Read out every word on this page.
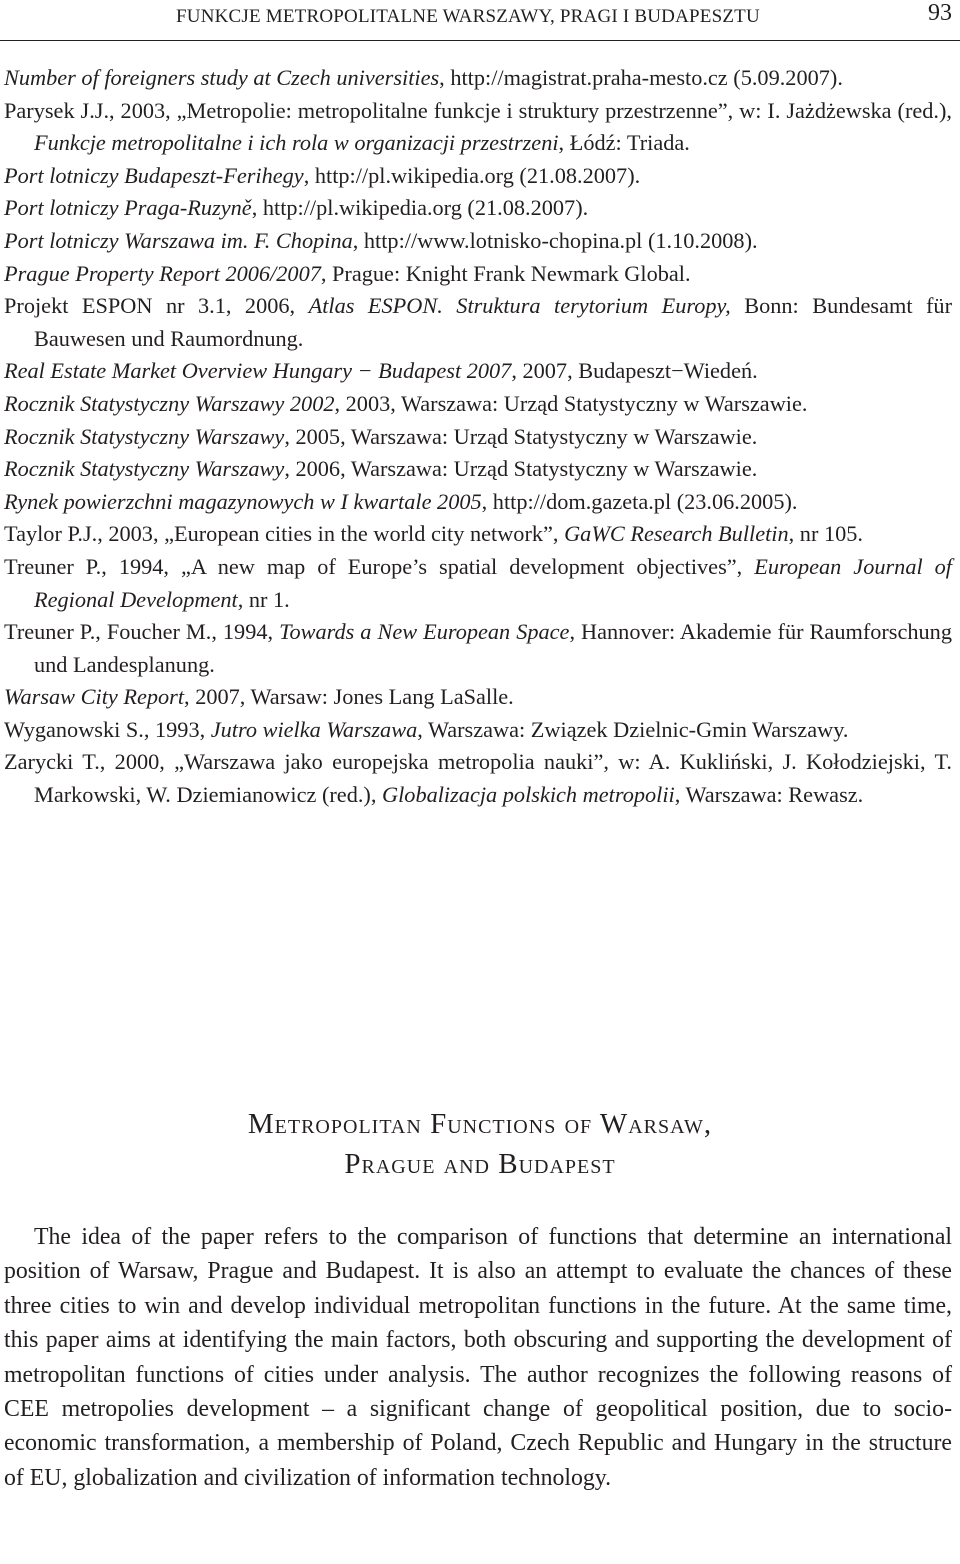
FUNKCJE METROPOLITALNE WARSZAWY, PRAGI I BUDAPESZTU	93

Number of foreigners study at Czech universities, http://magistrat.praha-mesto.cz (5.09.2007).

Parysek J.J., 2003, „Metropolie: metropolitalne funkcje i struktury przestrzenne”, w: I. Jażdżewska (red.), Funkcje metropolitalne i ich rola w organizacji przestrzeni, Łódź: Triada.

Port lotniczy Budapeszt-Ferihegy, http://pl.wikipedia.org (21.08.2007).

Port lotniczy Praga-Ruzyně, http://pl.wikipedia.org (21.08.2007).

Port lotniczy Warszawa im. F. Chopina, http://www.lotnisko-chopina.pl (1.10.2008).

Prague Property Report 2006/2007, Prague: Knight Frank Newmark Global.

Projekt ESPON nr 3.1, 2006, Atlas ESPON. Struktura terytorium Europy, Bonn: Bundesamt für Bauwesen und Raumordnung.

Real Estate Market Overview Hungary − Budapest 2007, 2007, Budapeszt−Wiedeń.

Rocznik Statystyczny Warszawy 2002, 2003, Warszawa: Urząd Statystyczny w Warszawie.

Rocznik Statystyczny Warszawy, 2005, Warszawa: Urząd Statystyczny w Warszawie.

Rocznik Statystyczny Warszawy, 2006, Warszawa: Urząd Statystyczny w Warszawie.

Rynek powierzchni magazynowych w I kwartale 2005, http://dom.gazeta.pl (23.06.2005).

Taylor P.J., 2003, „European cities in the world city network”, GaWC Research Bulletin, nr 105.

Treuner P., 1994, „A new map of Europe’s spatial development objectives”, European Journal of Regional Development, nr 1.

Treuner P., Foucher M., 1994, Towards a New European Space, Hannover: Akademie für Raumforschung und Landesplanung.

Warsaw City Report, 2007, Warsaw: Jones Lang LaSalle.

Wyganowski S., 1993, Jutro wielka Warszawa, Warszawa: Związek Dzielnic-Gmin Warszawy.

Zarycki T., 2000, „Warszawa jako europejska metropolia nauki”, w: A. Kukliński, J. Kołodziejski, T. Markowski, W. Dziemianowicz (red.), Globalizacja polskich metropolii, Warszawa: Rewasz.

Metropolitan Functions of Warsaw,
Prague and Budapest

The idea of the paper refers to the comparison of functions that determine an international position of Warsaw, Prague and Budapest. It is also an attempt to evaluate the chances of these three cities to win and develop individual metropolitan functions in the future. At the same time, this paper aims at identifying the main factors, both obscuring and supporting the development of metropolitan functions of cities under analysis. The author recognizes the following reasons of CEE metropolies development – a significant change of geopolitical position, due to socio-economic transformation, a membership of Poland, Czech Republic and Hungary in the structure of EU, globalization and civilization of information technology.
